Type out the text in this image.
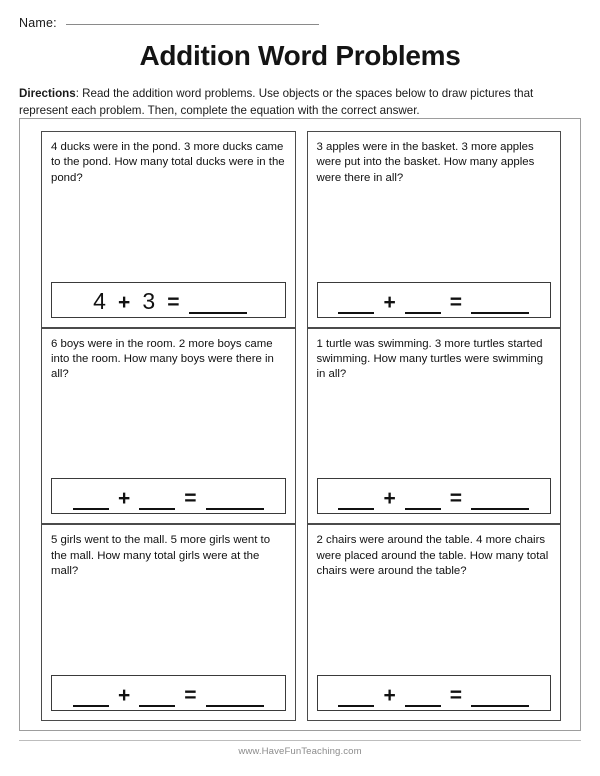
Name:
Addition Word Problems
Directions: Read the addition word problems. Use objects or the spaces below to draw pictures that represent each problem. Then, complete the equation with the correct answer.
4 ducks were in the pond. 3 more ducks came to the pond. How many total ducks were in the pond?
4 + 3 =
3 apples were in the basket. 3 more apples were put into the basket. How many apples were there in all?
+	=
6 boys were in the room. 2 more boys came into the room. How many boys were there in all?
+	=
1 turtle was swimming. 3 more turtles started swimming. How many turtles were swimming in all?
+	=
5 girls went to the mall. 5 more girls went to the mall. How many total girls were at the mall?
+	=
2 chairs were around the table. 4 more chairs were placed around the table. How many total chairs were around the table?
+	=
www.HaveFunTeaching.com
